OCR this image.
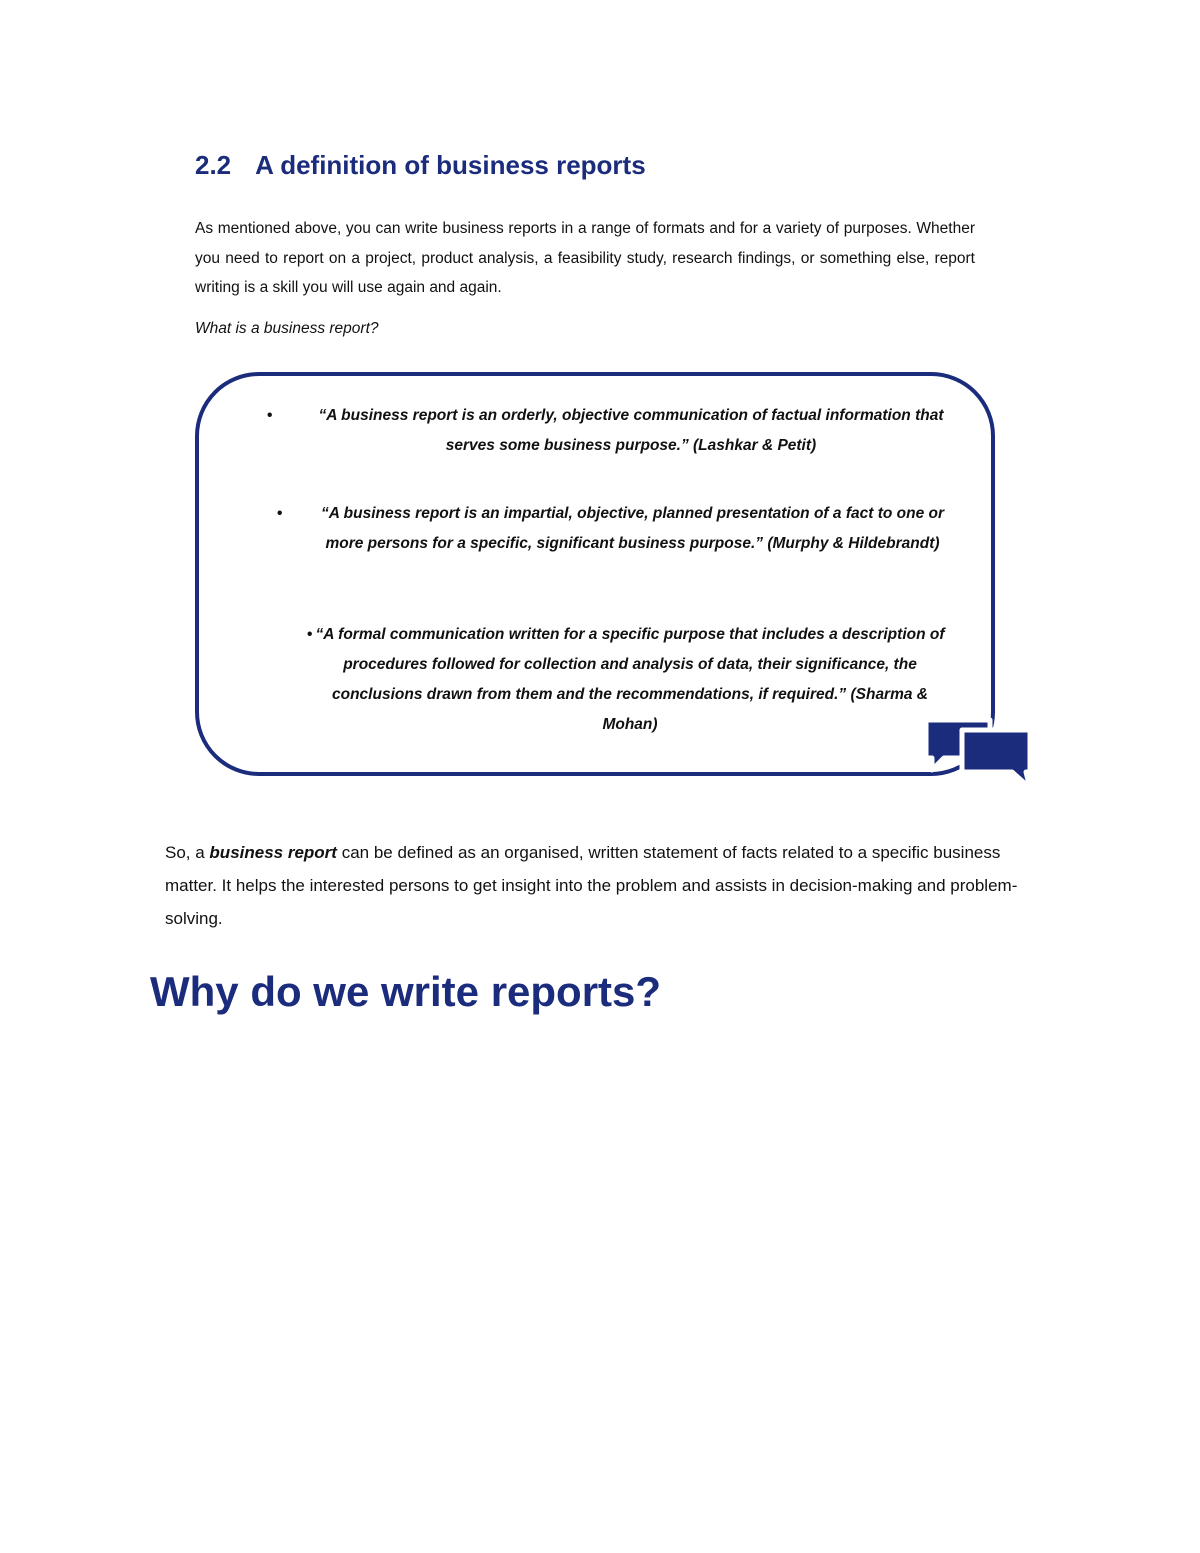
2.2 A definition of business reports

As mentioned above, you can write business reports in a range of formats and for a variety of purposes. Whether you need to report on a project, product analysis, a feasibility study, research findings, or something else, report writing is a skill you will use again and again.

What is a business report?

•	“A business report is an orderly, objective communication of factual information that serves some business purpose.” (Lashkar & Petit)

• “A business report is an impartial, objective, planned presentation of a fact to one or more persons for a specific, significant business purpose.” (Murphy & Hildebrandt)

• “A formal communication written for a specific purpose that includes a description of procedures followed for collection and analysis of data, their significance, the conclusions drawn from them and the recommendations, if required.” (Sharma & Mohan)

So, a business report can be defined as an organised, written statement of facts related to a specific business matter. It helps the interested persons to get insight into the problem and assists in decision-making and problem-solving.

Why do we write reports?
